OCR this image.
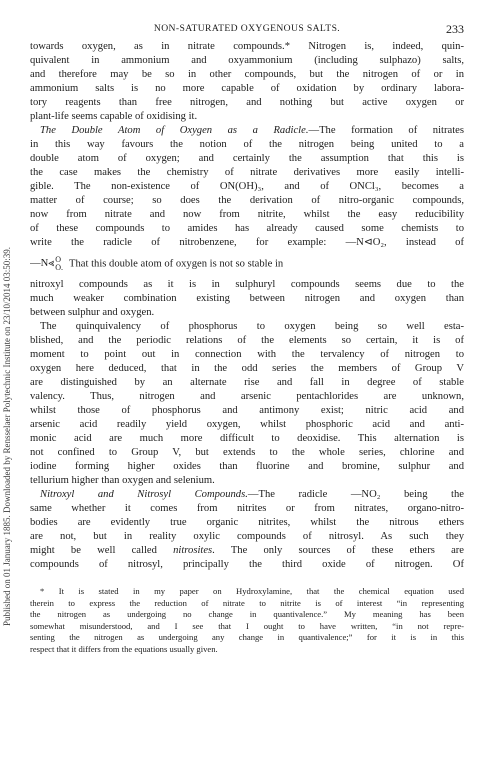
Published on 01 January 1885. Downloaded by Rensselaer Polytechnic Institute on 23/10/2014 03:50:39.
NON-SATURATED OXYGENOUS SALTS.	233
towards oxygen, as in nitrate compounds.* Nitrogen is, indeed, quin-
quivalent in ammonium and oxyammonium (including sulphazo) salts,
and therefore may be so in other compounds, but the nitrogen of or in
ammonium salts is no more capable of oxidation by ordinary labora-
tory reagents than free nitrogen, and nothing but active oxygen or
plant-life seems capable of oxidising it.
The Double Atom of Oxygen as a Radicle.—The formation of nitrates
in this way favours the notion of the nitrogen being united to a
double atom of oxygen; and certainly the assumption that this is
the case makes the chemistry of nitrate derivatives more easily intelli-
gible. The non-existence of ON(OH)₃, and of ONCl₃, becomes a
matter of course; so does the derivation of nitro-organic compounds,
now from nitrate and now from nitrite, whilst the easy reducibility
of these compounds to amides has already caused some chemists to
write the radicle of nitrobenzene, for example: —N⊲O₂, instead of
—N⪡ O
O. That this double atom of oxygen is not so stable in
nitroxyl compounds as it is in sulphuryl compounds seems due to the
much weaker combination existing between nitrogen and oxygen than
between sulphur and oxygen.
The quinquivalency of phosphorus to oxygen being so well esta-
blished, and the periodic relations of the elements so certain, it is of
moment to point out in connection with the tervalency of nitrogen to
oxygen here deduced, that in the odd series the members of Group V
are distinguished by an alternate rise and fall in degree of stable
valency. Thus, nitrogen and arsenic pentachlorides are unknown,
whilst those of phosphorus and antimony exist; nitric acid and
arsenic acid readily yield oxygen, whilst phosphoric acid and anti-
monic acid are much more difficult to deoxidise. This alternation is
not confined to Group V, but extends to the whole series, chlorine and
iodine forming higher oxides than fluorine and bromine, sulphur and
tellurium higher than oxygen and selenium.
Nitroxyl and Nitrosyl Compounds.—The radicle —NO₂ being the
same whether it comes from nitrites or from nitrates, organo-nitro-
bodies are evidently true organic nitrites, whilst the nitrous ethers
are not, but in reality oxylic compounds of nitrosyl. As such they
might be well called nitrosites. The only sources of these ethers are
compounds of nitrosyl, principally the third oxide of nitrogen. Of
* It is stated in my paper on Hydroxylamine, that the chemical equation used
therein to express the reduction of nitrate to nitrite is of interest “in representing
the nitrogen as undergoing no change in quantivalence.” My meaning has been
somewhat misunderstood, and I see that I ought to have written, “in not repre-
senting the nitrogen as undergoing any change in quantivalence;” for it is in this
respect that it differs from the equations usually given.
